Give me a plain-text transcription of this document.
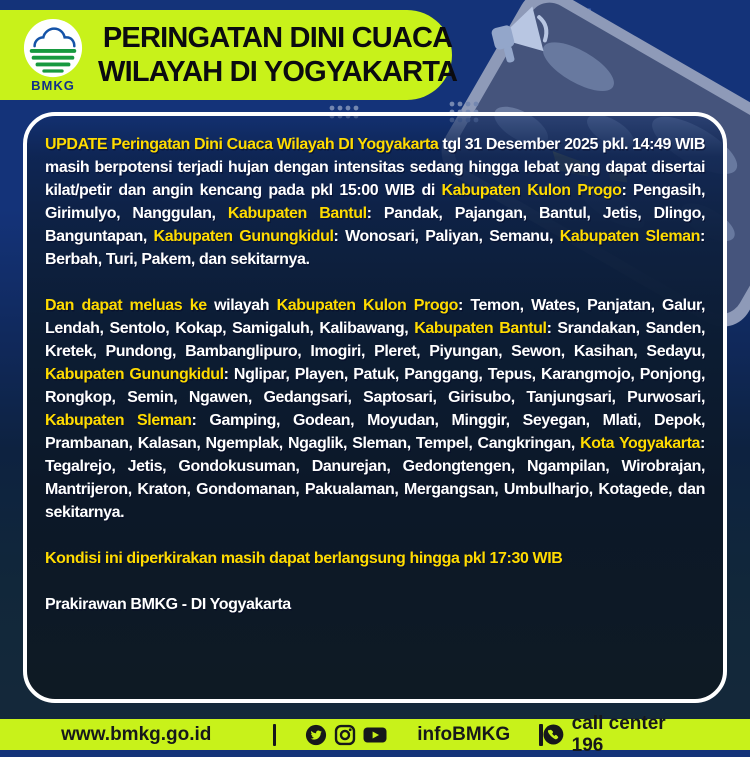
BMKG
PERINGATAN DINI CUACA
WILAYAH DI YOGYAKARTA

UPDATE Peringatan Dini Cuaca Wilayah DI Yogyakarta tgl 31 Desember 2025 pkl. 14:49 WIB masih berpotensi terjadi hujan dengan intensitas sedang hingga lebat yang dapat disertai kilat/petir dan angin kencang pada pkl 15:00 WIB di Kabupaten Kulon Progo: Pengasih, Girimulyo, Nanggulan, Kabupaten Bantul: Pandak, Pajangan, Bantul, Jetis, Dlingo, Banguntapan, Kabupaten Gunungkidul: Wonosari, Paliyan, Semanu, Kabupaten Sleman: Berbah, Turi, Pakem, dan sekitarnya.

Dan dapat meluas ke wilayah Kabupaten Kulon Progo: Temon, Wates, Panjatan, Galur, Lendah, Sentolo, Kokap, Samigaluh, Kalibawang, Kabupaten Bantul: Srandakan, Sanden, Kretek, Pundong, Bambanglipuro, Imogiri, Pleret, Piyungan, Sewon, Kasihan, Sedayu, Kabupaten Gunungkidul: Nglipar, Playen, Patuk, Panggang, Tepus, Karangmojo, Ponjong, Rongkop, Semin, Ngawen, Gedangsari, Saptosari, Girisubo, Tanjungsari, Purwosari, Kabupaten Sleman: Gamping, Godean, Moyudan, Minggir, Seyegan, Mlati, Depok, Prambanan, Kalasan, Ngemplak, Ngaglik, Sleman, Tempel, Cangkringan, Kota Yogyakarta: Tegalrejo, Jetis, Gondokusuman, Danurejan, Gedongtengen, Ngampilan, Wirobrajan, Mantrijeron, Kraton, Gondomanan, Pakualaman, Mergangsan, Umbulharjo, Kotagede, dan sekitarnya.

Kondisi ini diperkirakan masih dapat berlangsung hingga pkl 17:30 WIB

Prakirawan BMKG - DI Yogyakarta

www.bmkg.go.id	infoBMKG
call center 196
